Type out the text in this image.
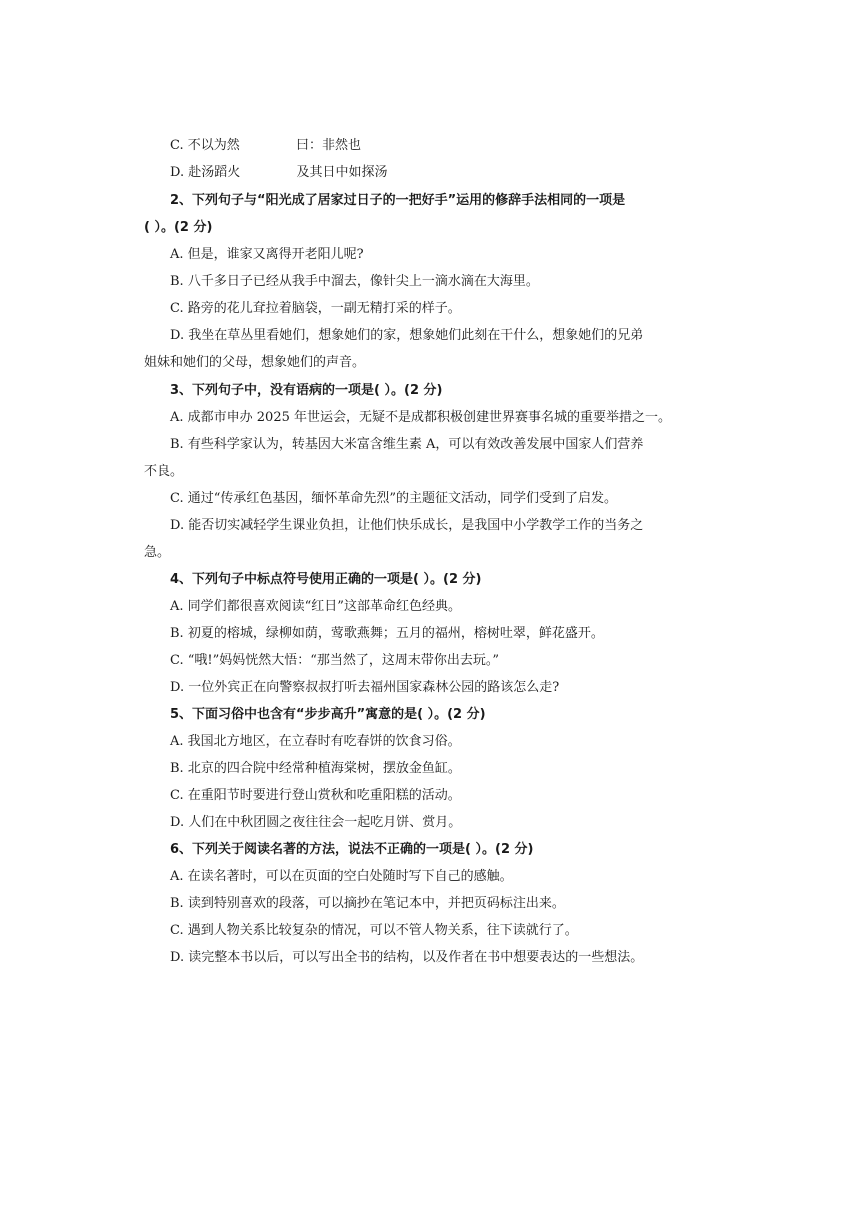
C. 不以为然	曰：非然也
D. 赴汤蹈火	及其日中如探汤
2、下列句子与“阳光成了居家过日子的一把好手”运用的修辞手法相同的一项是
( ）。(2 分)
A. 但是，谁家又离得开老阳儿呢?
B. 八千多日子已经从我手中溜去，像针尖上一滴水滴在大海里。
C. 路旁的花儿耷拉着脑袋，一副无精打采的样子。
D. 我坐在草丛里看她们，想象她们的家，想象她们此刻在干什么，想象她们的兄弟
姐妹和她们的父母，想象她们的声音。
3、下列句子中，没有语病的一项是( ）。(2 分)
A. 成都市申办 2025 年世运会，无疑不是成都积极创建世界赛事名城的重要举措之一。
B. 有些科学家认为，转基因大米富含维生素 A，可以有效改善发展中国家人们营养
不良。
C. 通过“传承红色基因，缅怀革命先烈”的主题征文活动，同学们受到了启发。
D. 能否切实减轻学生课业负担，让他们快乐成长，是我国中小学教学工作的当务之
急。
4、下列句子中标点符号使用正确的一项是( ）。(2 分)
A. 同学们都很喜欢阅读“红日”这部革命红色经典。
B. 初夏的榕城，绿柳如荫，莺歌燕舞；五月的福州，榕树吐翠，鲜花盛开。
C. “哦!”妈妈恍然大悟：“那当然了，这周末带你出去玩。”
D. 一位外宾正在向警察叔叔打听去福州国家森林公园的路该怎么走?
5、下面习俗中也含有“步步高升”寓意的是( ）。(2 分)
A. 我国北方地区，在立春时有吃春饼的饮食习俗。
B. 北京的四合院中经常种植海棠树，摆放金鱼缸。
C. 在重阳节时要进行登山赏秋和吃重阳糕的活动。
D. 人们在中秋团圆之夜往往会一起吃月饼、赏月。
6、下列关于阅读名著的方法，说法不正确的一项是( ）。(2 分)
A. 在读名著时，可以在页面的空白处随时写下自己的感触。
B. 读到特别喜欢的段落，可以摘抄在笔记本中，并把页码标注出来。
C. 遇到人物关系比较复杂的情况，可以不管人物关系，往下读就行了。
D. 读完整本书以后，可以写出全书的结构，以及作者在书中想要表达的一些想法。
